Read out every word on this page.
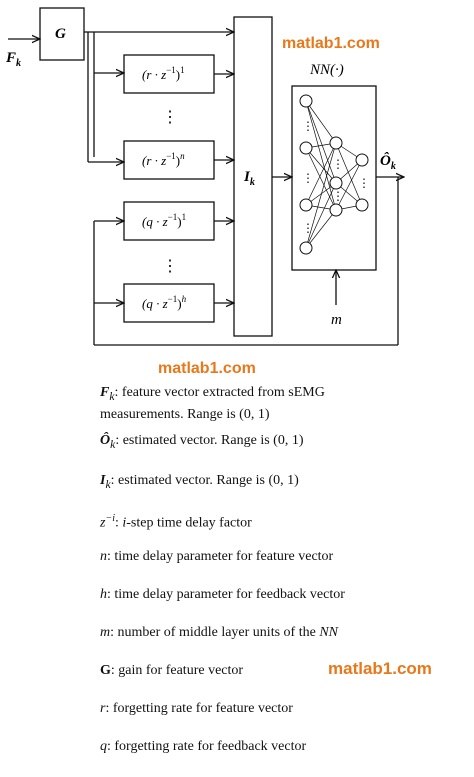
⋮
⋮
⋮
⋮
⋮
⋮
$F_k$
G
$(r \cdot z^{-1})^1$
$(r \cdot z^{-1})^n$
$(q \cdot z^{-1})^1$
$(q \cdot z^{-1})^h$
⋮
⋮
$I_k$
NN(·)
$Ô_k$
m
matlab1.com
matlab1.com
$F_k$: feature vector extracted from sEMG
measurements. Range is (0, 1)
$Ô_k$: estimated vector. Range is (0, 1)
$I_k$: estimated vector. Range is (0, 1)
$z^{-i}$: i-step time delay factor
n: time delay parameter for feature vector
h: time delay parameter for feedback vector
m: number of middle layer units of the NN
G: gain for feature vector
r: forgetting rate for feature vector
q: forgetting rate for feedback vector
matlab1.com
